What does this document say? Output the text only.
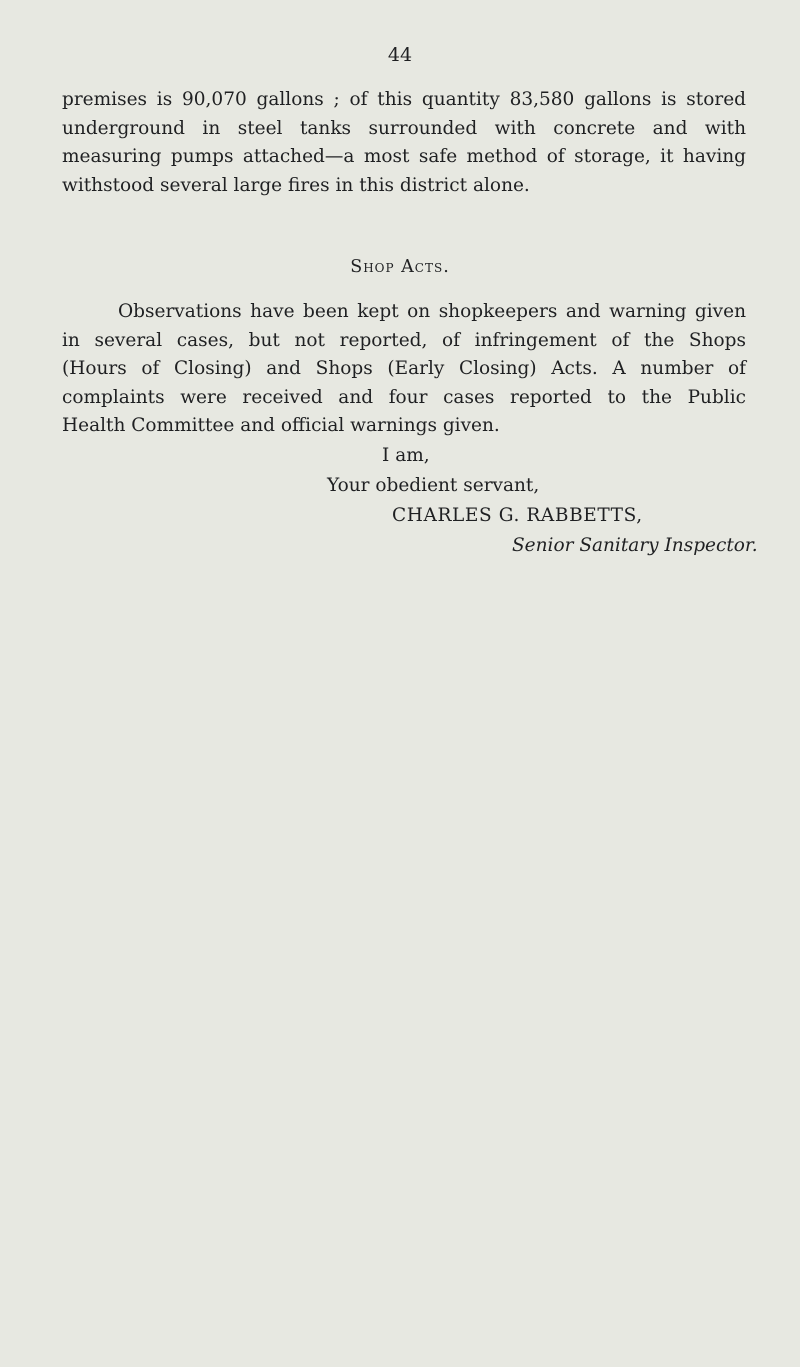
44
premises is 90,070 gallons ; of this quantity 83,580 gallons is stored
underground in steel tanks surrounded with concrete and with
measuring pumps attached—a most safe method of storage, it having
withstood several large fires in this district alone.
Shop Acts.
Observations have been kept on shopkeepers and warning given
in several cases, but not reported, of infringement of the Shops
(Hours of Closing) and Shops (Early Closing) Acts. A number of
complaints were received and four cases reported to the Public
Health Committee and official warnings given.
I am,
Your obedient servant,
CHARLES G. RABBETTS,
Senior Sanitary Inspector.
